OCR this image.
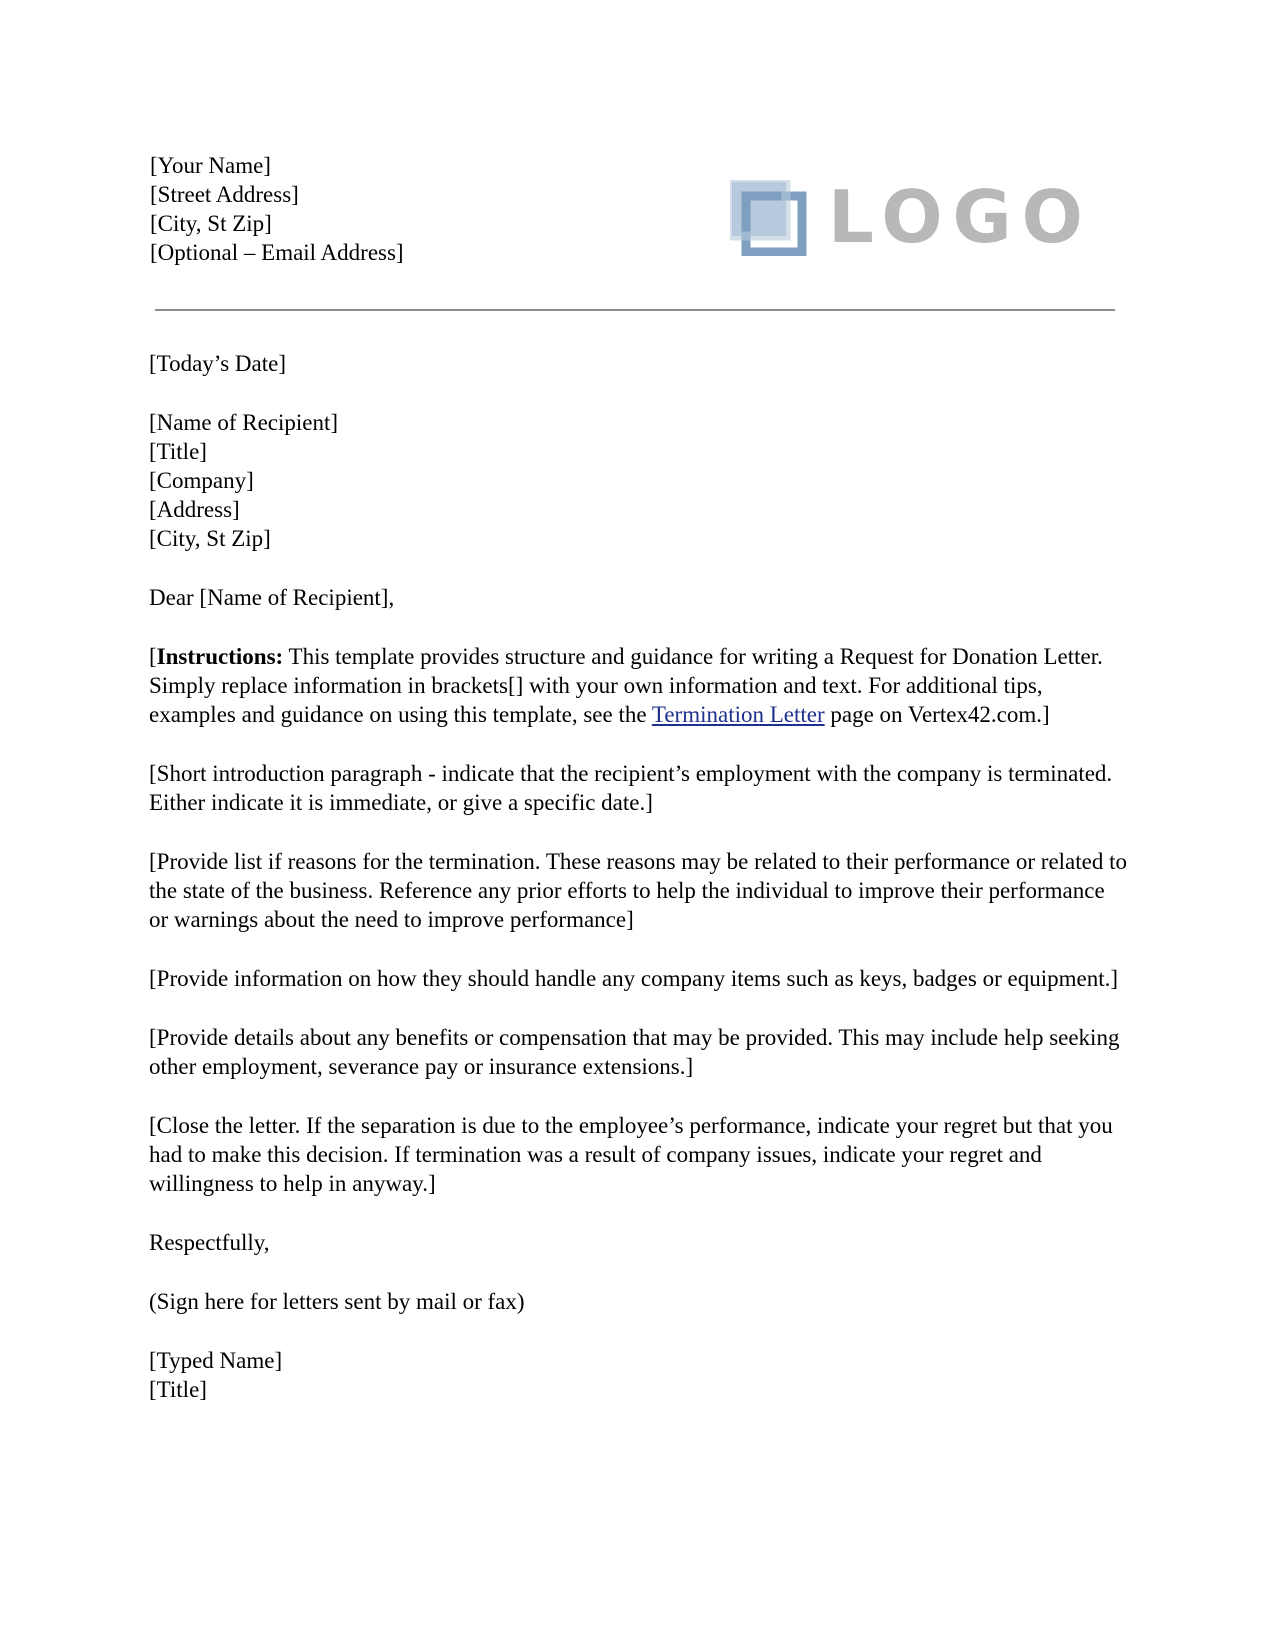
[Your Name]
[Street Address]
[City, St Zip]
[Optional – Email Address]	LOGO
[Today’s Date]
[Name of Recipient]
[Title]
[Company]
[Address]
[City, St Zip]
Dear [Name of Recipient],

[Instructions: This template provides structure and guidance for writing a Request for Donation Letter. Simply replace information in brackets[] with your own information and text. For additional tips, examples and guidance on using this template, see the Termination Letter page on Vertex42.com.]

[Short introduction paragraph - indicate that the recipient’s employment with the company is terminated. Either indicate it is immediate, or give a specific date.]

[Provide list if reasons for the termination. These reasons may be related to their performance or related to the state of the business. Reference any prior efforts to help the individual to improve their performance or warnings about the need to improve performance]

[Provide information on how they should handle any company items such as keys, badges or equipment.]

[Provide details about any benefits or compensation that may be provided. This may include help seeking other employment, severance pay or insurance extensions.]

[Close the letter. If the separation is due to the employee’s performance, indicate your regret but that you had to make this decision. If termination was a result of company issues, indicate your regret and willingness to help in anyway.]

Respectfully,
(Sign here for letters sent by mail or fax)
[Typed Name]
[Title]
